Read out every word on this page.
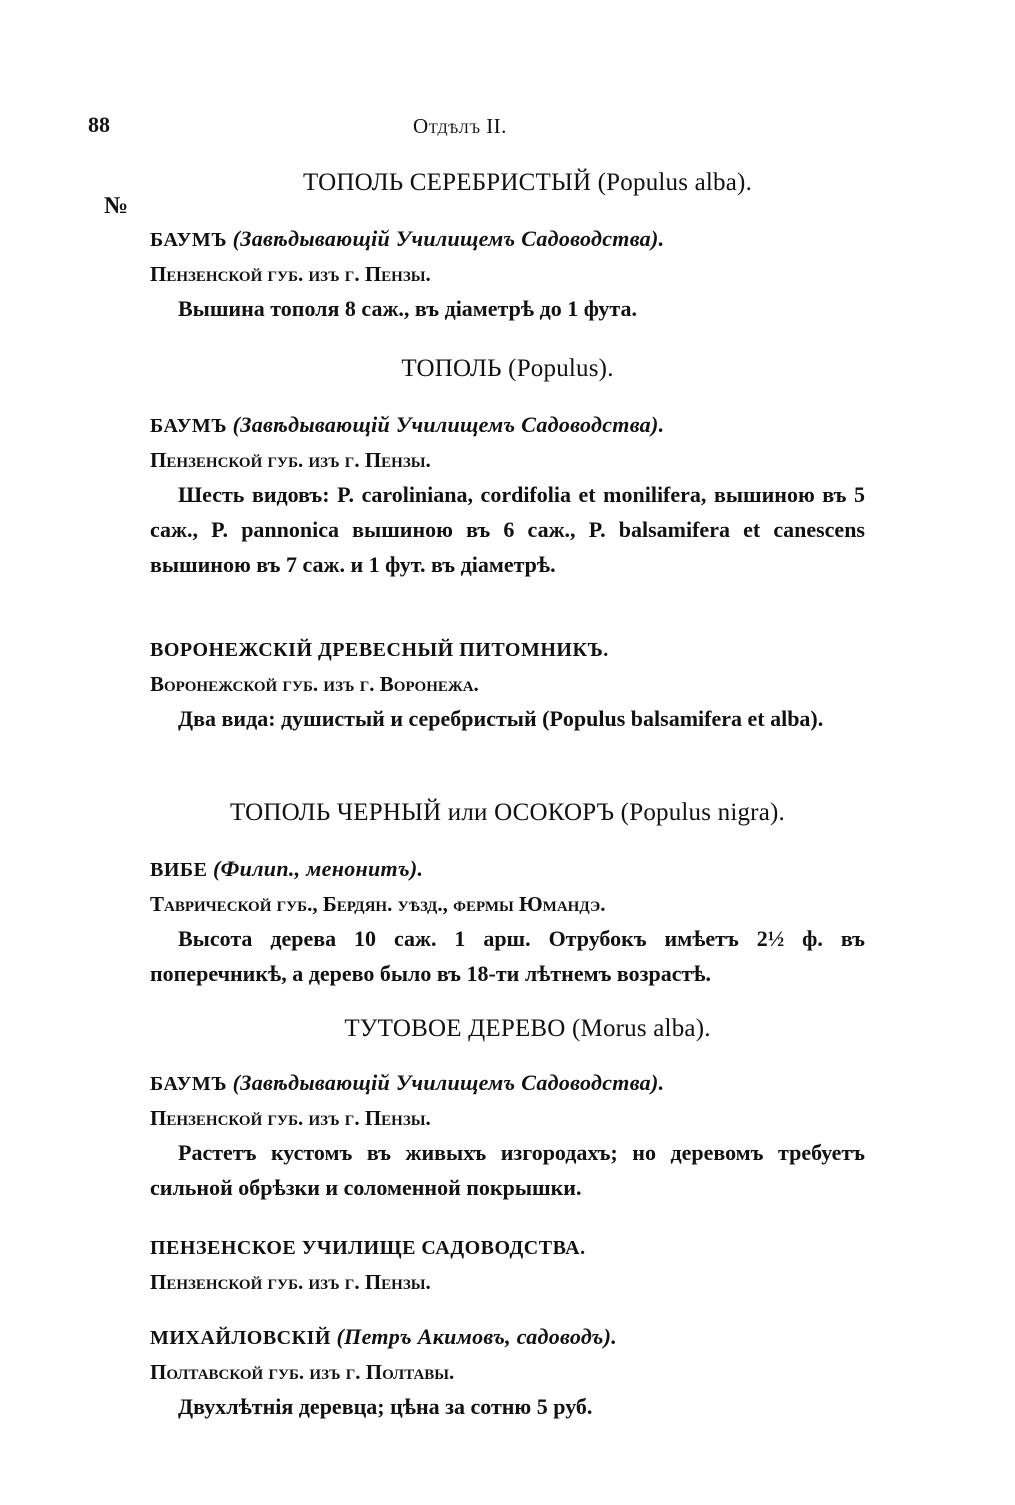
88	Отдѣлъ II.
№
ТОПОЛЬ СЕРЕБРИСТЫЙ (Populus alba).
БАУМЪ (Завѣдывающій Училищемъ Садоводства).
Пензенской губ. изъ г. Пензы.

Вышина тополя 8 саж., въ діаметрѣ до 1 фута.

ТОПОЛЬ (Populus).
БАУМЪ (Завѣдывающій Училищемъ Садоводства).
Пензенской губ. изъ г. Пензы.

Шесть видовъ: P. caroliniana, cordifolia et monilifera, вышиною въ 5 саж., P. pannonica вышиною въ 6 саж., P. balsamifera et canescens вышиною въ 7 саж. и 1 фут. въ діаметрѣ.

ВОРОНЕЖСКІЙ ДРЕВЕСНЫЙ ПИТОМНИКЪ.
Воронежской губ. изъ г. Воронежа.

Два вида: душистый и серебристый (Populus balsamifera et alba).

ТОПОЛЬ ЧЕРНЫЙ или ОСОКОРЪ (Populus nigra).
ВИБЕ (Филип., менонитъ).
Таврической губ., Бердян. уѣзд., фермы Юмандэ.

Высота дерева 10 саж. 1 арш. Отрубокъ имѣетъ 2½ ф. въ поперечникѣ, а дерево было въ 18-ти лѣтнемъ возрастѣ.

ТУТОВОЕ ДЕРЕВО (Morus alba).
БАУМЪ (Завѣдывающій Училищемъ Садоводства).
Пензенской губ. изъ г. Пензы.

Растетъ кустомъ въ живыхъ изгородахъ; но деревомъ требуетъ сильной обрѣзки и соломенной покрышки.

ПЕНЗЕНСКОЕ УЧИЛИЩЕ САДОВОДСТВА.
Пензенской губ. изъ г. Пензы.
МИХАЙЛОВСКІЙ (Петръ Акимовъ, садоводъ).
Полтавской губ. изъ г. Полтавы.

Двухлѣтнія деревца; цѣна за сотню 5 руб.
